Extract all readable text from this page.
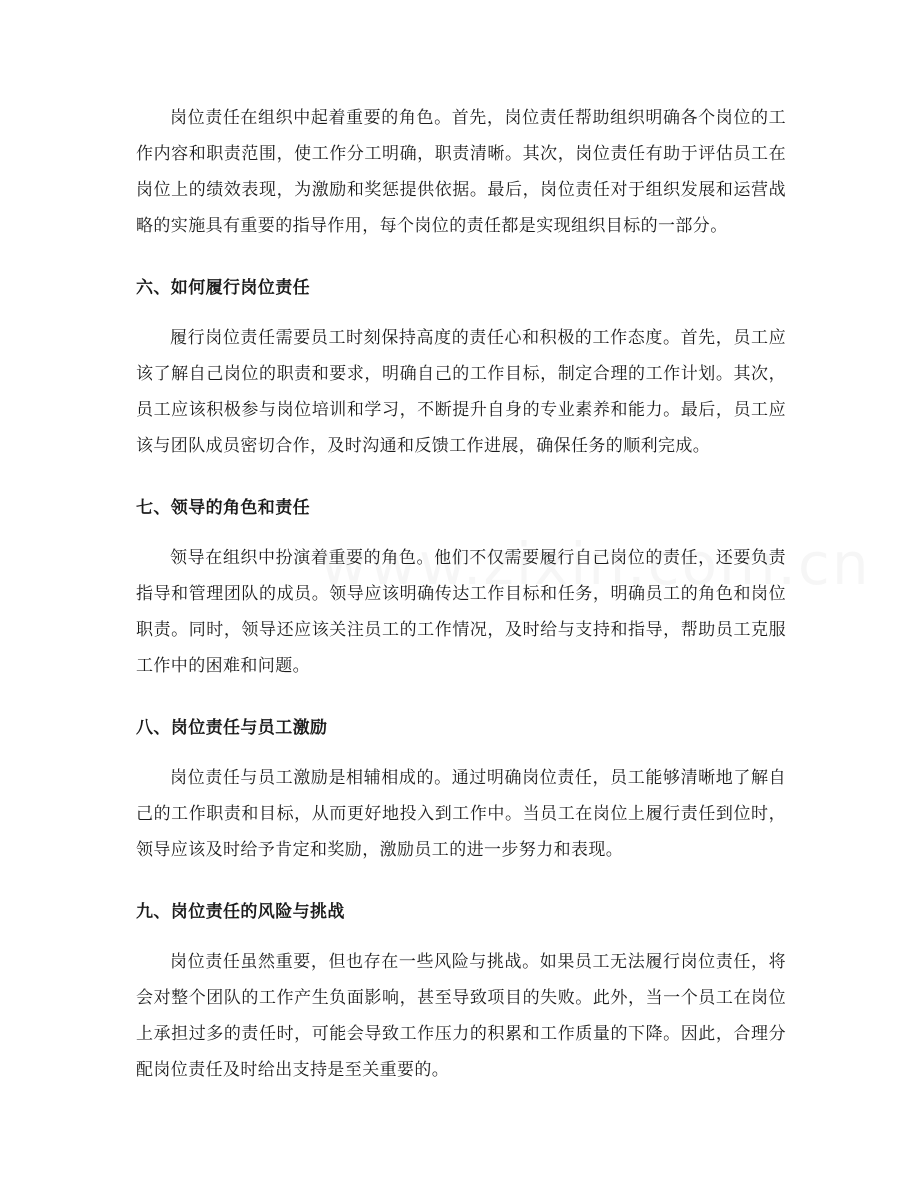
岗位责任在组织中起着重要的角色。首先，岗位责任帮助组织明确各个岗位的工作内容和职责范围，使工作分工明确，职责清晰。其次，岗位责任有助于评估员工在岗位上的绩效表现，为激励和奖惩提供依据。最后，岗位责任对于组织发展和运营战略的实施具有重要的指导作用，每个岗位的责任都是实现组织目标的一部分。

六、如何履行岗位责任

履行岗位责任需要员工时刻保持高度的责任心和积极的工作态度。首先，员工应该了解自己岗位的职责和要求，明确自己的工作目标，制定合理的工作计划。其次，员工应该积极参与岗位培训和学习，不断提升自身的专业素养和能力。最后，员工应该与团队成员密切合作，及时沟通和反馈工作进展，确保任务的顺利完成。

七、领导的角色和责任

领导在组织中扮演着重要的角色。他们不仅需要履行自己岗位的责任，还要负责指导和管理团队的成员。领导应该明确传达工作目标和任务，明确员工的角色和岗位职责。同时，领导还应该关注员工的工作情况，及时给与支持和指导，帮助员工克服工作中的困难和问题。

八、岗位责任与员工激励

岗位责任与员工激励是相辅相成的。通过明确岗位责任，员工能够清晰地了解自己的工作职责和目标，从而更好地投入到工作中。当员工在岗位上履行责任到位时，领导应该及时给予肯定和奖励，激励员工的进一步努力和表现。

九、岗位责任的风险与挑战

岗位责任虽然重要，但也存在一些风险与挑战。如果员工无法履行岗位责任，将会对整个团队的工作产生负面影响，甚至导致项目的失败。此外，当一个员工在岗位上承担过多的责任时，可能会导致工作压力的积累和工作质量的下降。因此，合理分配岗位责任及时给出支持是至关重要的。
